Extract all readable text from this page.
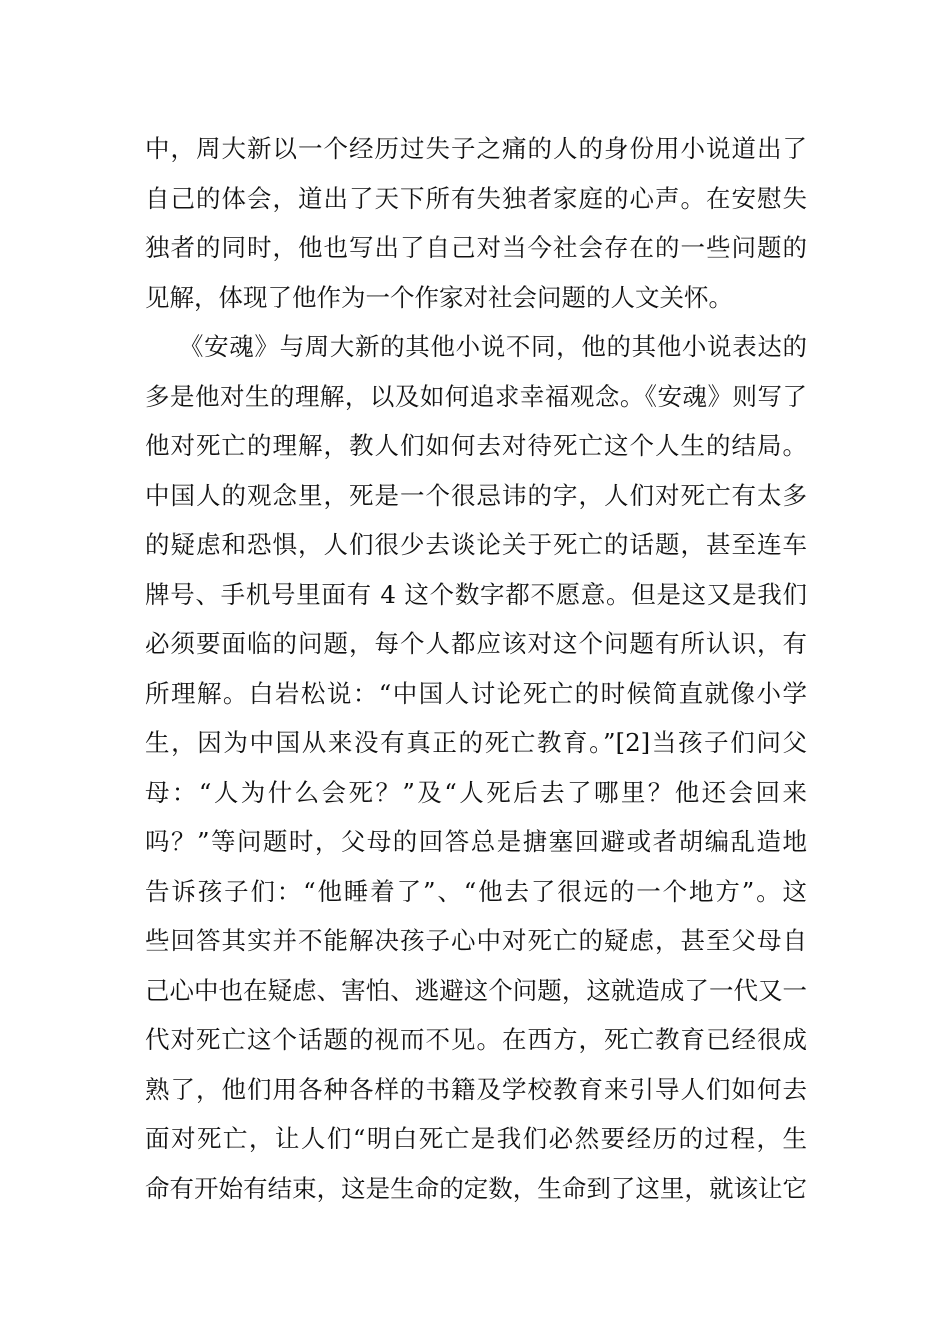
中，周大新以一个经历过失子之痛的人的身份用小说道出了
自己的体会，道出了天下所有失独者家庭的心声。在安慰失
独者的同时，他也写出了自己对当今社会存在的一些问题的
见解，体现了他作为一个作家对社会问题的人文关怀。
《安魂》与周大新的其他小说不同，他的其他小说表达的
多是他对生的理解，以及如何追求幸福观念。《安魂》则写了
他对死亡的理解，教人们如何去对待死亡这个人生的结局。
中国人的观念里，死是一个很忌讳的字，人们对死亡有太多
的疑虑和恐惧，人们很少去谈论关于死亡的话题，甚至连车
牌号、手机号里面有 4 这个数字都不愿意。但是这又是我们
必须要面临的问题，每个人都应该对这个问题有所认识，有
所理解。白岩松说：“中国人讨论死亡的时候简直就像小学
生，因为中国从来没有真正的死亡教育。”[2]当孩子们问父
母：“人为什么会死？”及“人死后去了哪里？他还会回来
吗？”等问题时，父母的回答总是搪塞回避或者胡编乱造地
告诉孩子们：“他睡着了”、“他去了很远的一个地方”。这
些回答其实并不能解决孩子心中对死亡的疑虑，甚至父母自
己心中也在疑虑、害怕、逃避这个问题，这就造成了一代又一
代对死亡这个话题的视而不见。在西方，死亡教育已经很成
熟了，他们用各种各样的书籍及学校教育来引导人们如何去
面对死亡，让人们“明白死亡是我们必然要经历的过程，生
命有开始有结束，这是生命的定数，生命到了这里，就该让它
